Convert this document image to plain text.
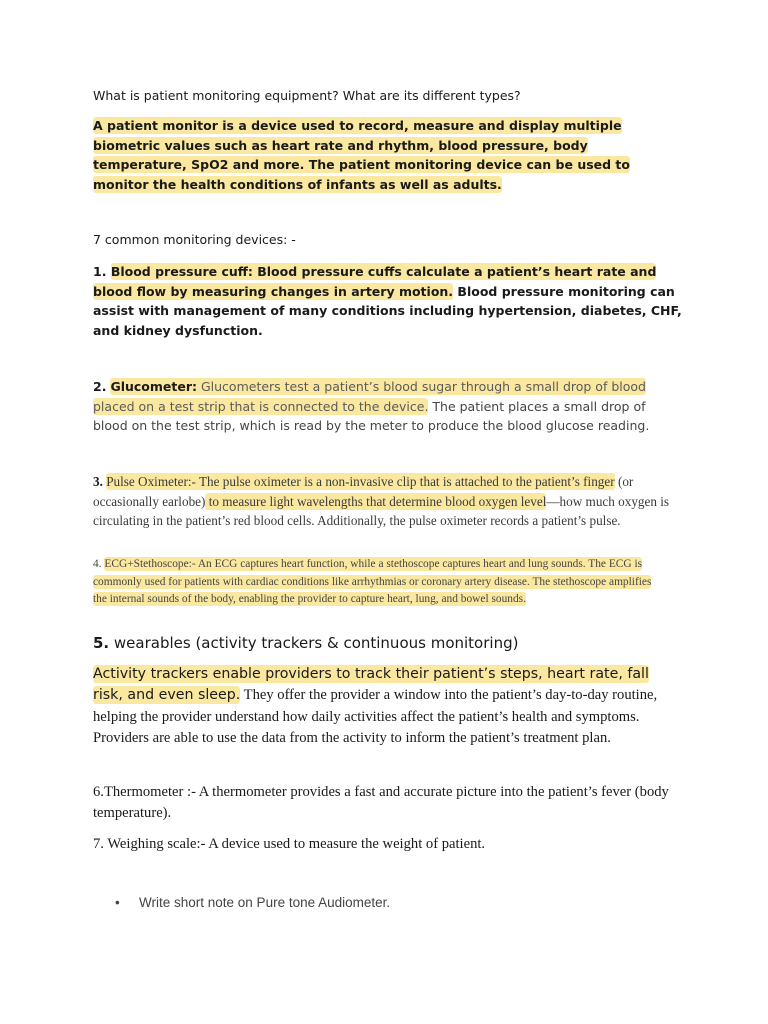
What is patient monitoring equipment? What are its different types?

A patient monitor is a device used to record, measure and display multiple biometric values such as heart rate and rhythm, blood pressure, body temperature, SpO2 and more. The patient monitoring device can be used to monitor the health conditions of infants as well as adults.

7 common monitoring devices: -

1. Blood pressure cuff: Blood pressure cuffs calculate a patient’s heart rate and blood flow by measuring changes in artery motion. Blood pressure monitoring can assist with management of many conditions including hypertension, diabetes, CHF, and kidney dysfunction.

2. Glucometer: Glucometers test a patient’s blood sugar through a small drop of blood placed on a test strip that is connected to the device. The patient places a small drop of blood on the test strip, which is read by the meter to produce the blood glucose reading.

3. Pulse Oximeter:- The pulse oximeter is a non-invasive clip that is attached to the patient’s finger (or occasionally earlobe) to measure light wavelengths that determine blood oxygen level—how much oxygen is circulating in the patient’s red blood cells. Additionally, the pulse oximeter records a patient’s pulse.

4. ECG+Stethoscope:- An ECG captures heart function, while a stethoscope captures heart and lung sounds. The ECG is commonly used for patients with cardiac conditions like arrhythmias or coronary artery disease. The stethoscope amplifies the internal sounds of the body, enabling the provider to capture heart, lung, and bowel sounds.

5. wearables (activity trackers & continuous monitoring)

Activity trackers enable providers to track their patient’s steps, heart rate, fall risk, and even sleep. They offer the provider a window into the patient’s day-to-day routine, helping the provider understand how daily activities affect the patient’s health and symptoms. Providers are able to use the data from the activity to inform the patient’s treatment plan.

6.Thermometer :- A thermometer provides a fast and accurate picture into the patient’s fever (body temperature).

7. Weighing scale:- A device used to measure the weight of patient.

• Write short note on Pure tone Audiometer.
